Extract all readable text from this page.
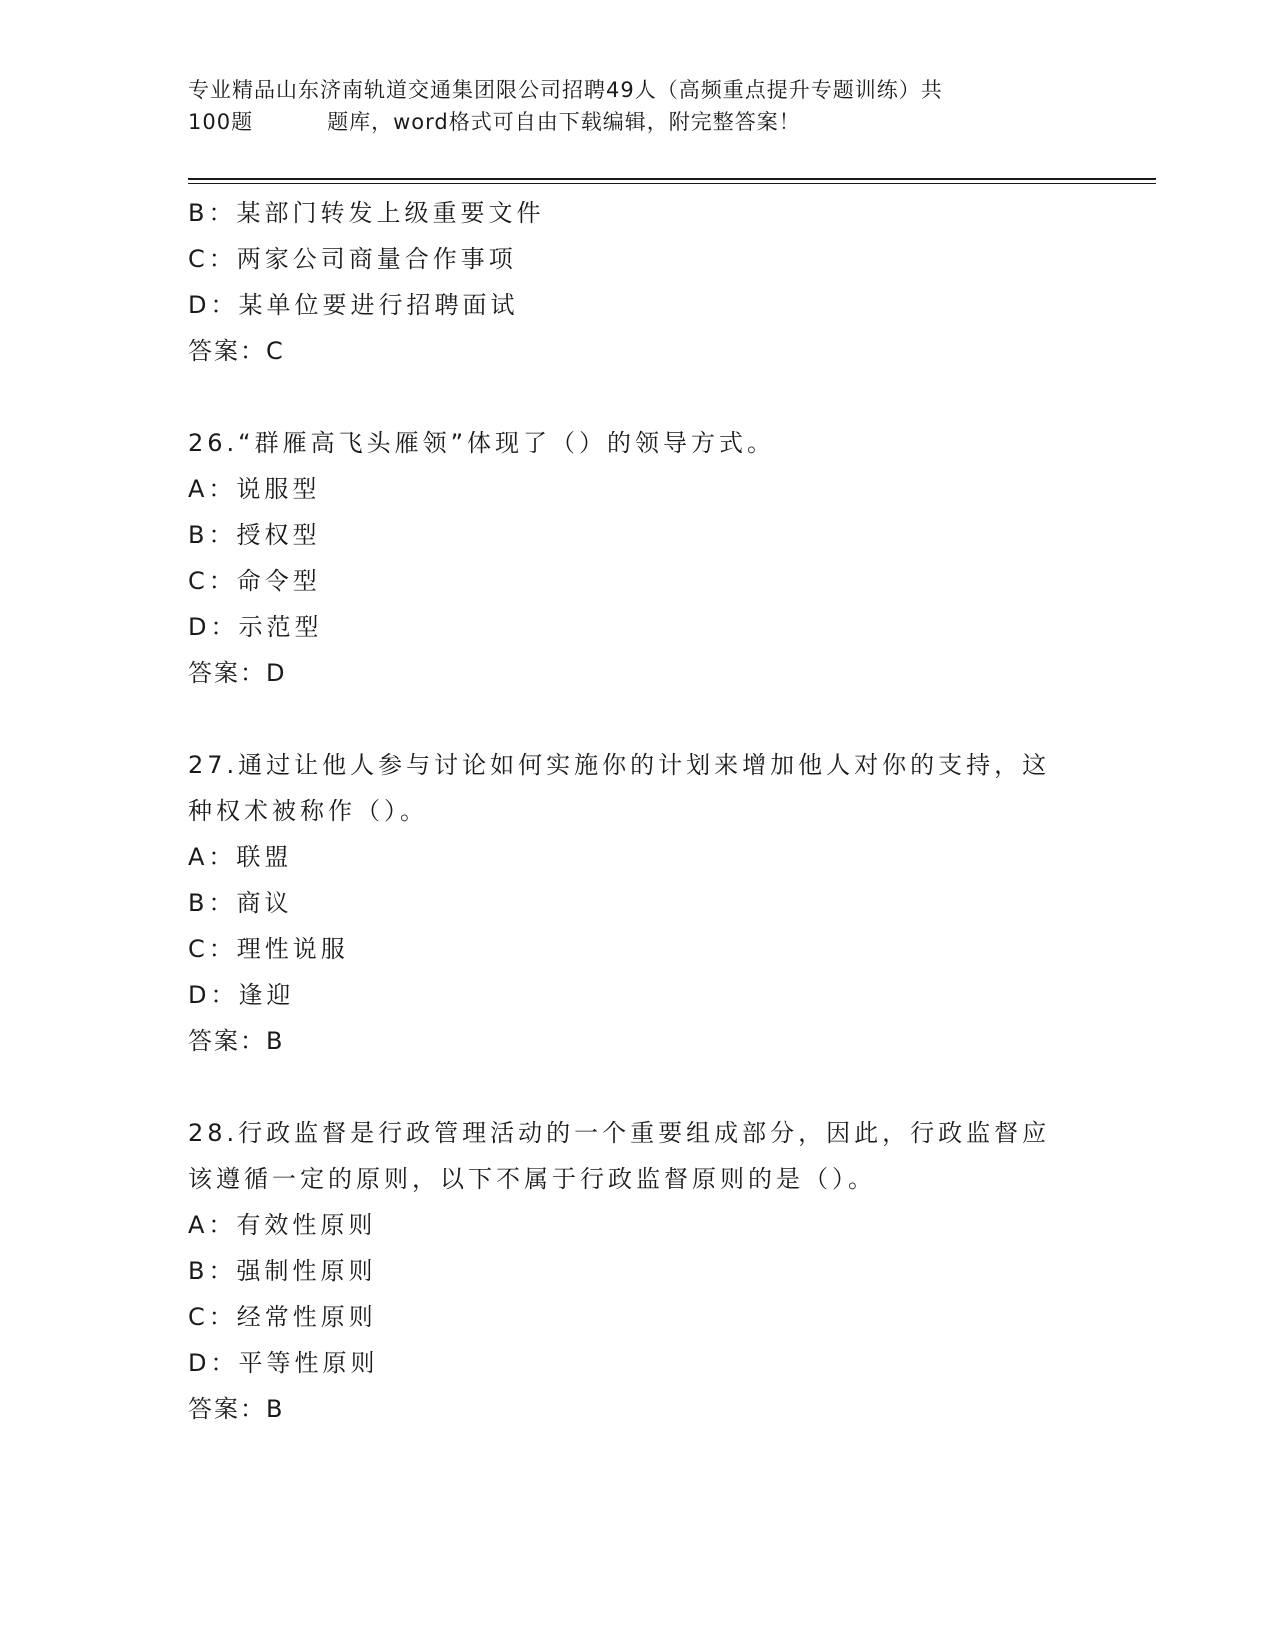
专业精品山东济南轨道交通集团限公司招聘49人（高频重点提升专题训练）共
100题	题库，word格式可自由下载编辑，附完整答案！
B：某部门转发上级重要文件
C：两家公司商量合作事项
D：某单位要进行招聘面试
答案：C
26.“群雁高飞头雁领”体现了（）的领导方式。
A：说服型
B：授权型
C：命令型
D：示范型
答案：D
27.通过让他人参与讨论如何实施你的计划来增加他人对你的支持，这
种权术被称作（）。
A：联盟
B：商议
C：理性说服
D：逢迎
答案：B
28.行政监督是行政管理活动的一个重要组成部分，因此，行政监督应
该遵循一定的原则，以下不属于行政监督原则的是（）。
A：有效性原则
B：强制性原则
C：经常性原则
D：平等性原则
答案：B
